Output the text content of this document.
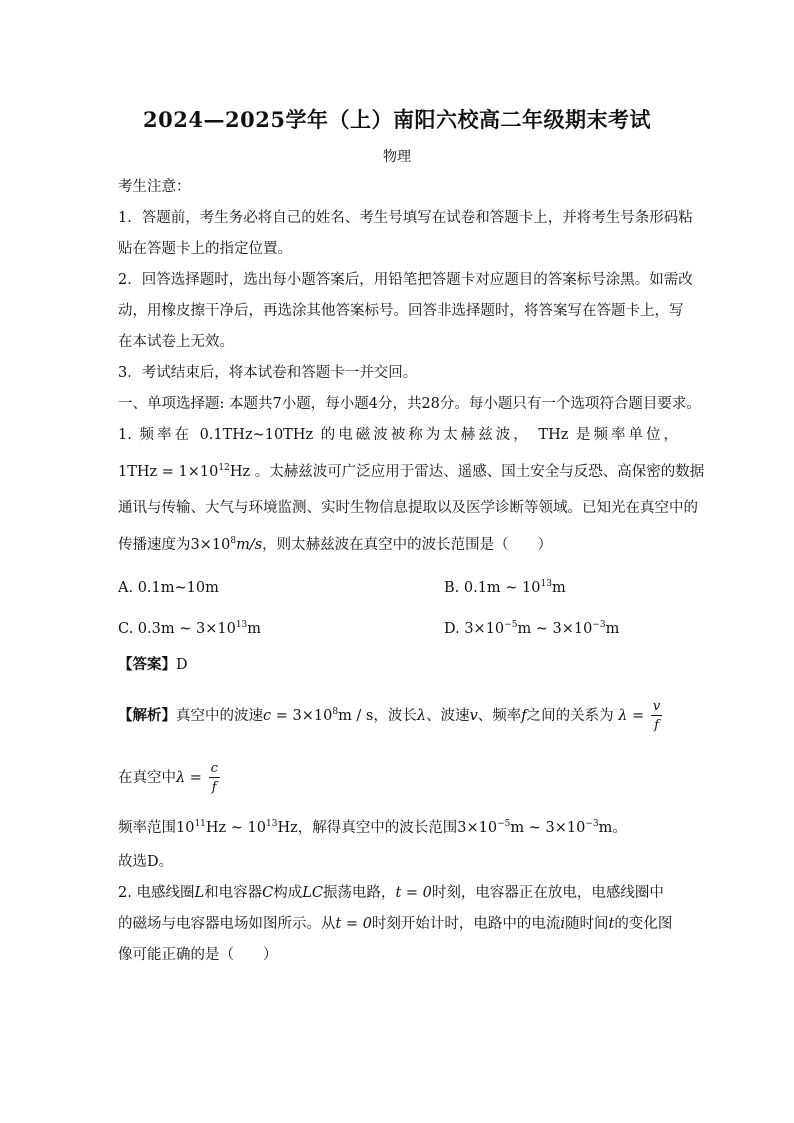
2024—2025学年（上）南阳六校高二年级期末考试
物理
考生注意：
1．答题前，考生务必将自己的姓名、考生号填写在试卷和答题卡上，并将考生号条形码粘
贴在答题卡上的指定位置。
2．回答选择题时，选出每小题答案后，用铅笔把答题卡对应题目的答案标号涂黑。如需改
动，用橡皮擦干净后，再选涂其他答案标号。回答非选择题时，将答案写在答题卡上，写
在本试卷上无效。
3．考试结束后，将本试卷和答题卡一并交回。
一、单项选择题: 本题共7小题，每小题4分，共28分。每小题只有一个选项符合题目要求。
1. 频率在 0.1THz~10THz 的电磁波被称为太赫兹波， THz 是频率单位，
$1THz = 1\times 10^{12}Hz$ 。太赫兹波可广泛应用于雷达、遥感、国土安全与反恐、高保密的数据
通讯与传输、大气与环境监测、实时生物信息提取以及医学诊断等领域。已知光在真空中的
传播速度为$3\times 10^8m/s$，则太赫兹波在真空中的波长范围是（　　）
A. 0.1m~10m	B. 0.1m ~ $10^{13}m$
C. 0.3m ~ $3\times 10^{13}m$	D. $3\times 10^{-5}m$ ~ $3\times 10^{-3}m$
【答案】D
【解析】真空中的波速$c = 3\times 10^8m / s$，波长λ、波速v、频率f之间的关系为 $\lambda = \frac{v}{f}$
在真空中$\lambda = \frac{c}{f}$
频率范围$10^{11}Hz$ ~ $10^{13}Hz$，解得真空中的波长范围$3\times 10^{-5}m$ ~ $3\times 10^{-3}m$。
故选D。
2. 电感线圈L和电容器C构成LC振荡电路，t = 0时刻，电容器正在放电，电感线圈中
的磁场与电容器电场如图所示。从t = 0时刻开始计时，电路中的电流i随时间t的变化图
像可能正确的是（　　）
